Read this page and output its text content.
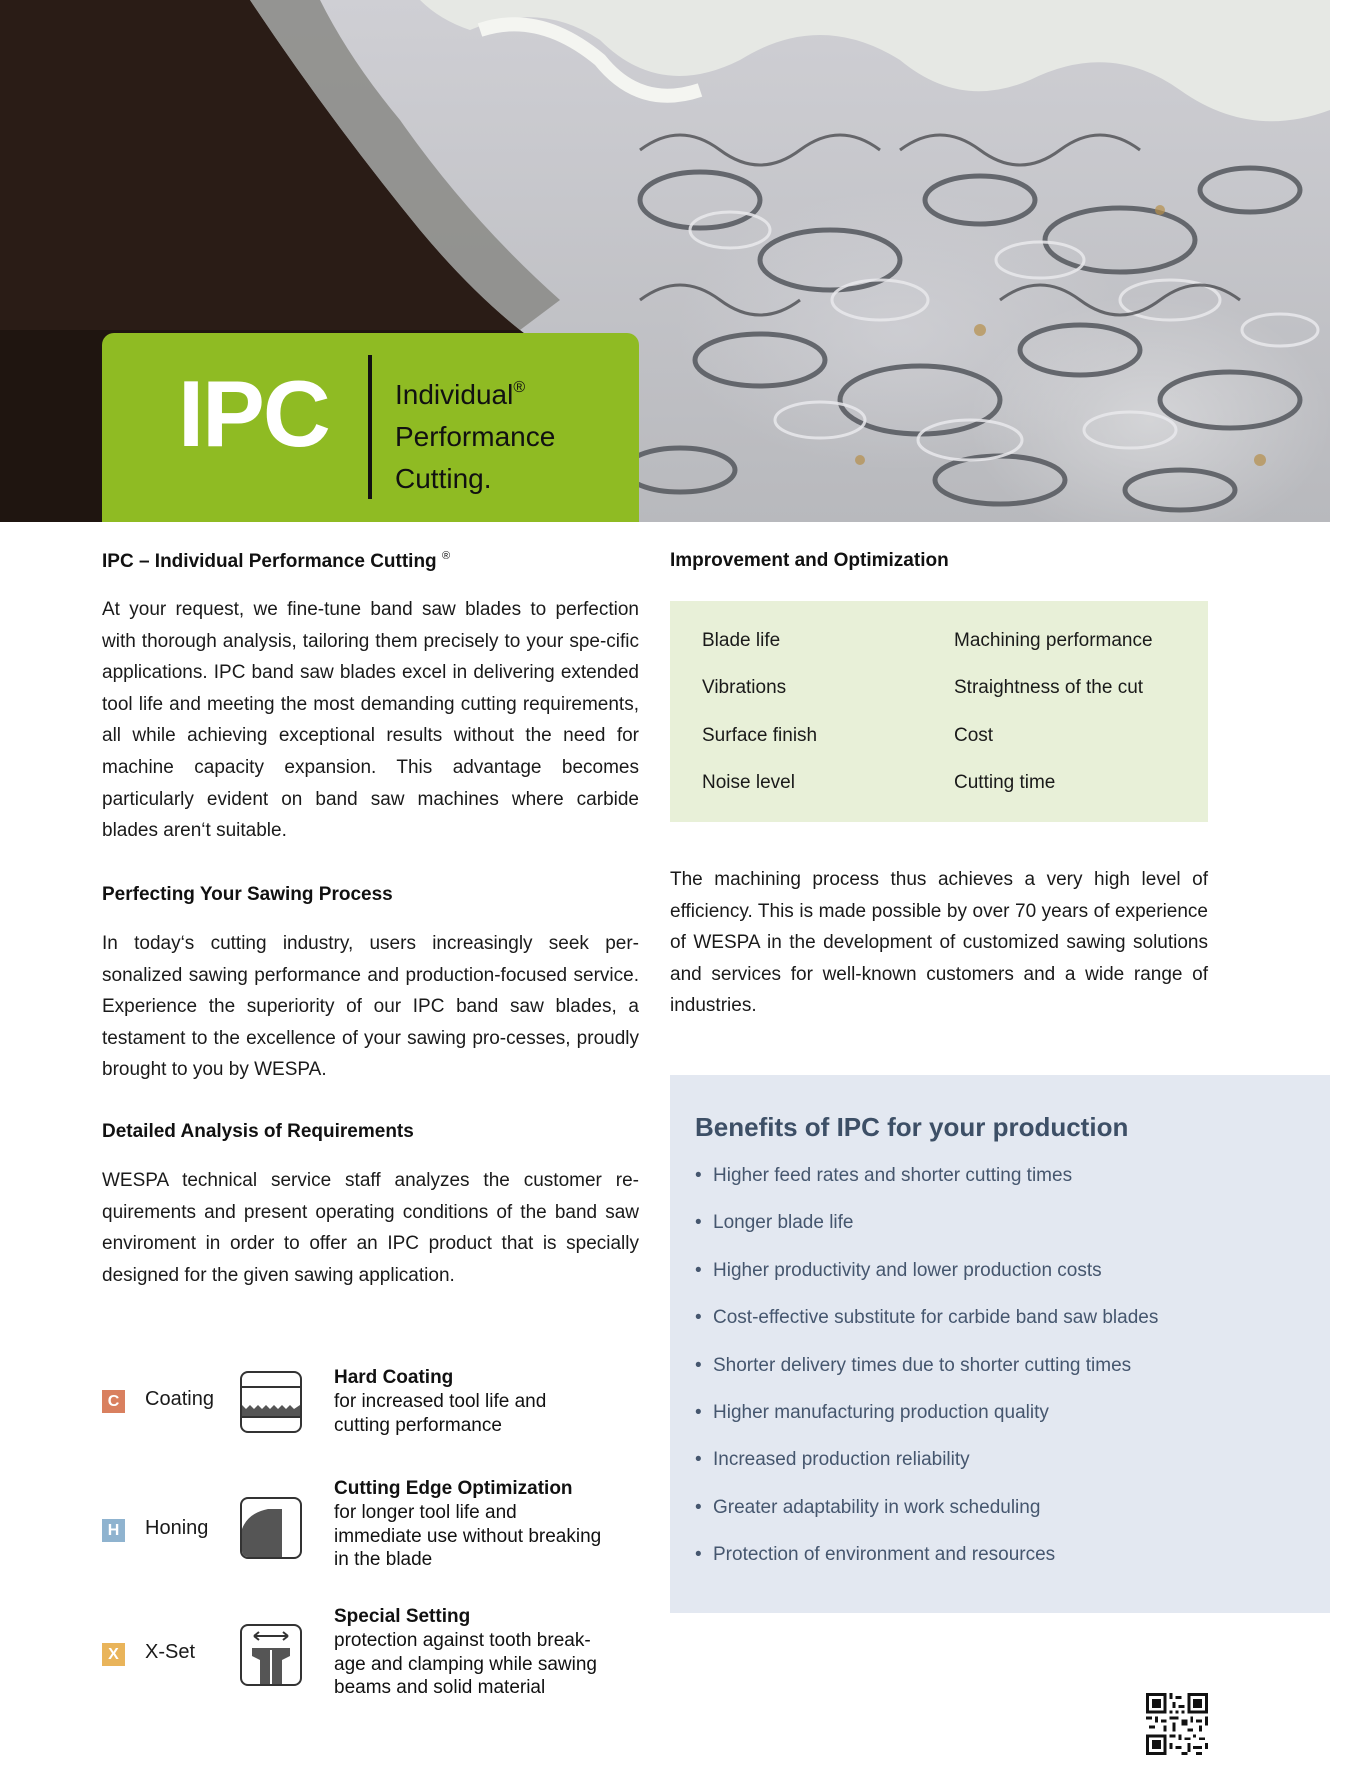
IPC Individual®
Performance
Cutting.
IPC – Individual Performance Cutting ®

At your request, we fine-tune band saw blades to perfection with thorough analysis, tailoring them precisely to your spe-cific applications. IPC band saw blades excel in delivering extended tool life and meeting the most demanding cutting requirements, all while achieving exceptional results without the need for machine capacity expansion. This advantage becomes particularly evident on band saw machines where carbide blades aren‘t suitable.

Perfecting Your Sawing Process

In today‘s cutting industry, users increasingly seek per-sonalized sawing performance and production-focused service. Experience the superiority of our IPC band saw blades, a testament to the excellence of your sawing pro-cesses, proudly brought to you by WESPA.

Detailed Analysis of Requirements

WESPA technical service staff analyzes the customer re-quirements and present operating conditions of the band saw enviroment in order to offer an IPC product that is specially designed for the given sawing application.

C Coating
Hard Coating
for increased tool life and
cutting performance
H Honing
Cutting Edge Optimization
for longer tool life and
immediate use without breaking
in the blade
X	X-Set
Special Setting
protection against tooth break-
age and clamping while sawing
beams and solid material
Improvement and Optimization
Blade life	Machining performance
Vibrations	Straightness of the cut
Surface finish	Cost
Noise level	Cutting time

The machining process thus achieves a very high level of efficiency. This is made possible by over 70 years of experience of WESPA in the development of customized sawing solutions and services for well-known customers and a wide range of industries.

Benefits of IPC for your production
• Higher feed rates and shorter cutting times
• Longer blade life
• Higher productivity and lower production costs
• Cost-effective substitute for carbide band saw blades
• Shorter delivery times due to shorter cutting times
• Higher manufacturing production quality
• Increased production reliability
• Greater adaptability in work scheduling
• Protection of environment and resources
